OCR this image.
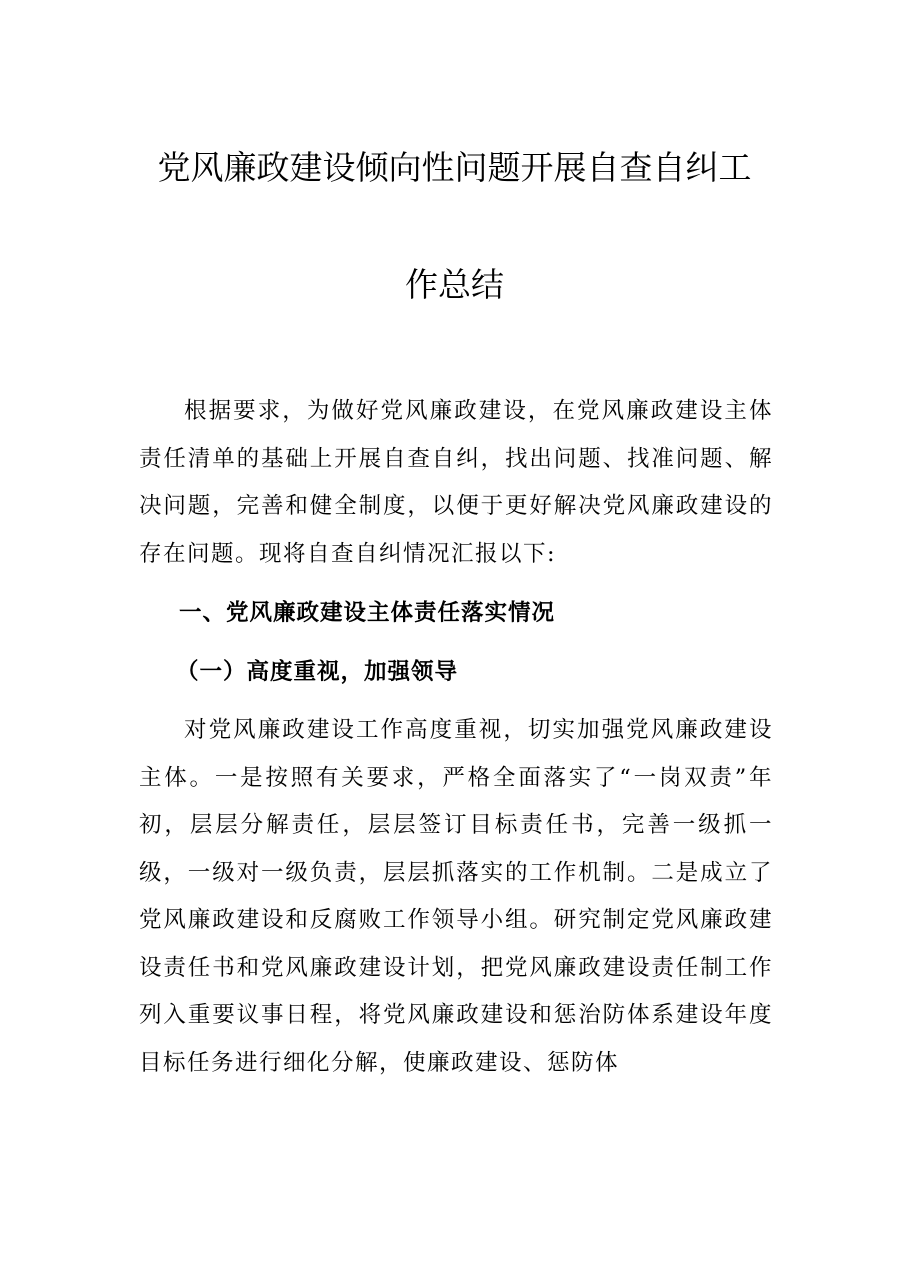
党风廉政建设倾向性问题开展自查自纠工
作总结

根据要求，为做好党风廉政建设，在党风廉政建设主体责任清单的基础上开展自查自纠，找出问题、找准问题、解决问题，完善和健全制度，以便于更好解决党风廉政建设的存在问题。现将自查自纠情况汇报以下:

一、党风廉政建设主体责任落实情况
（一）高度重视，加强领导

对党风廉政建设工作高度重视，切实加强党风廉政建设主体。一是按照有关要求，严格全面落实了“一岗双责”年初，层层分解责任，层层签订目标责任书，完善一级抓一级，一级对一级负责，层层抓落实的工作机制。二是成立了党风廉政建设和反腐败工作领导小组。研究制定党风廉政建设责任书和党风廉政建设计划，把党风廉政建设责任制工作列入重要议事日程，将党风廉政建设和惩治防体系建设年度目标任务进行细化分解，使廉政建设、惩防体
